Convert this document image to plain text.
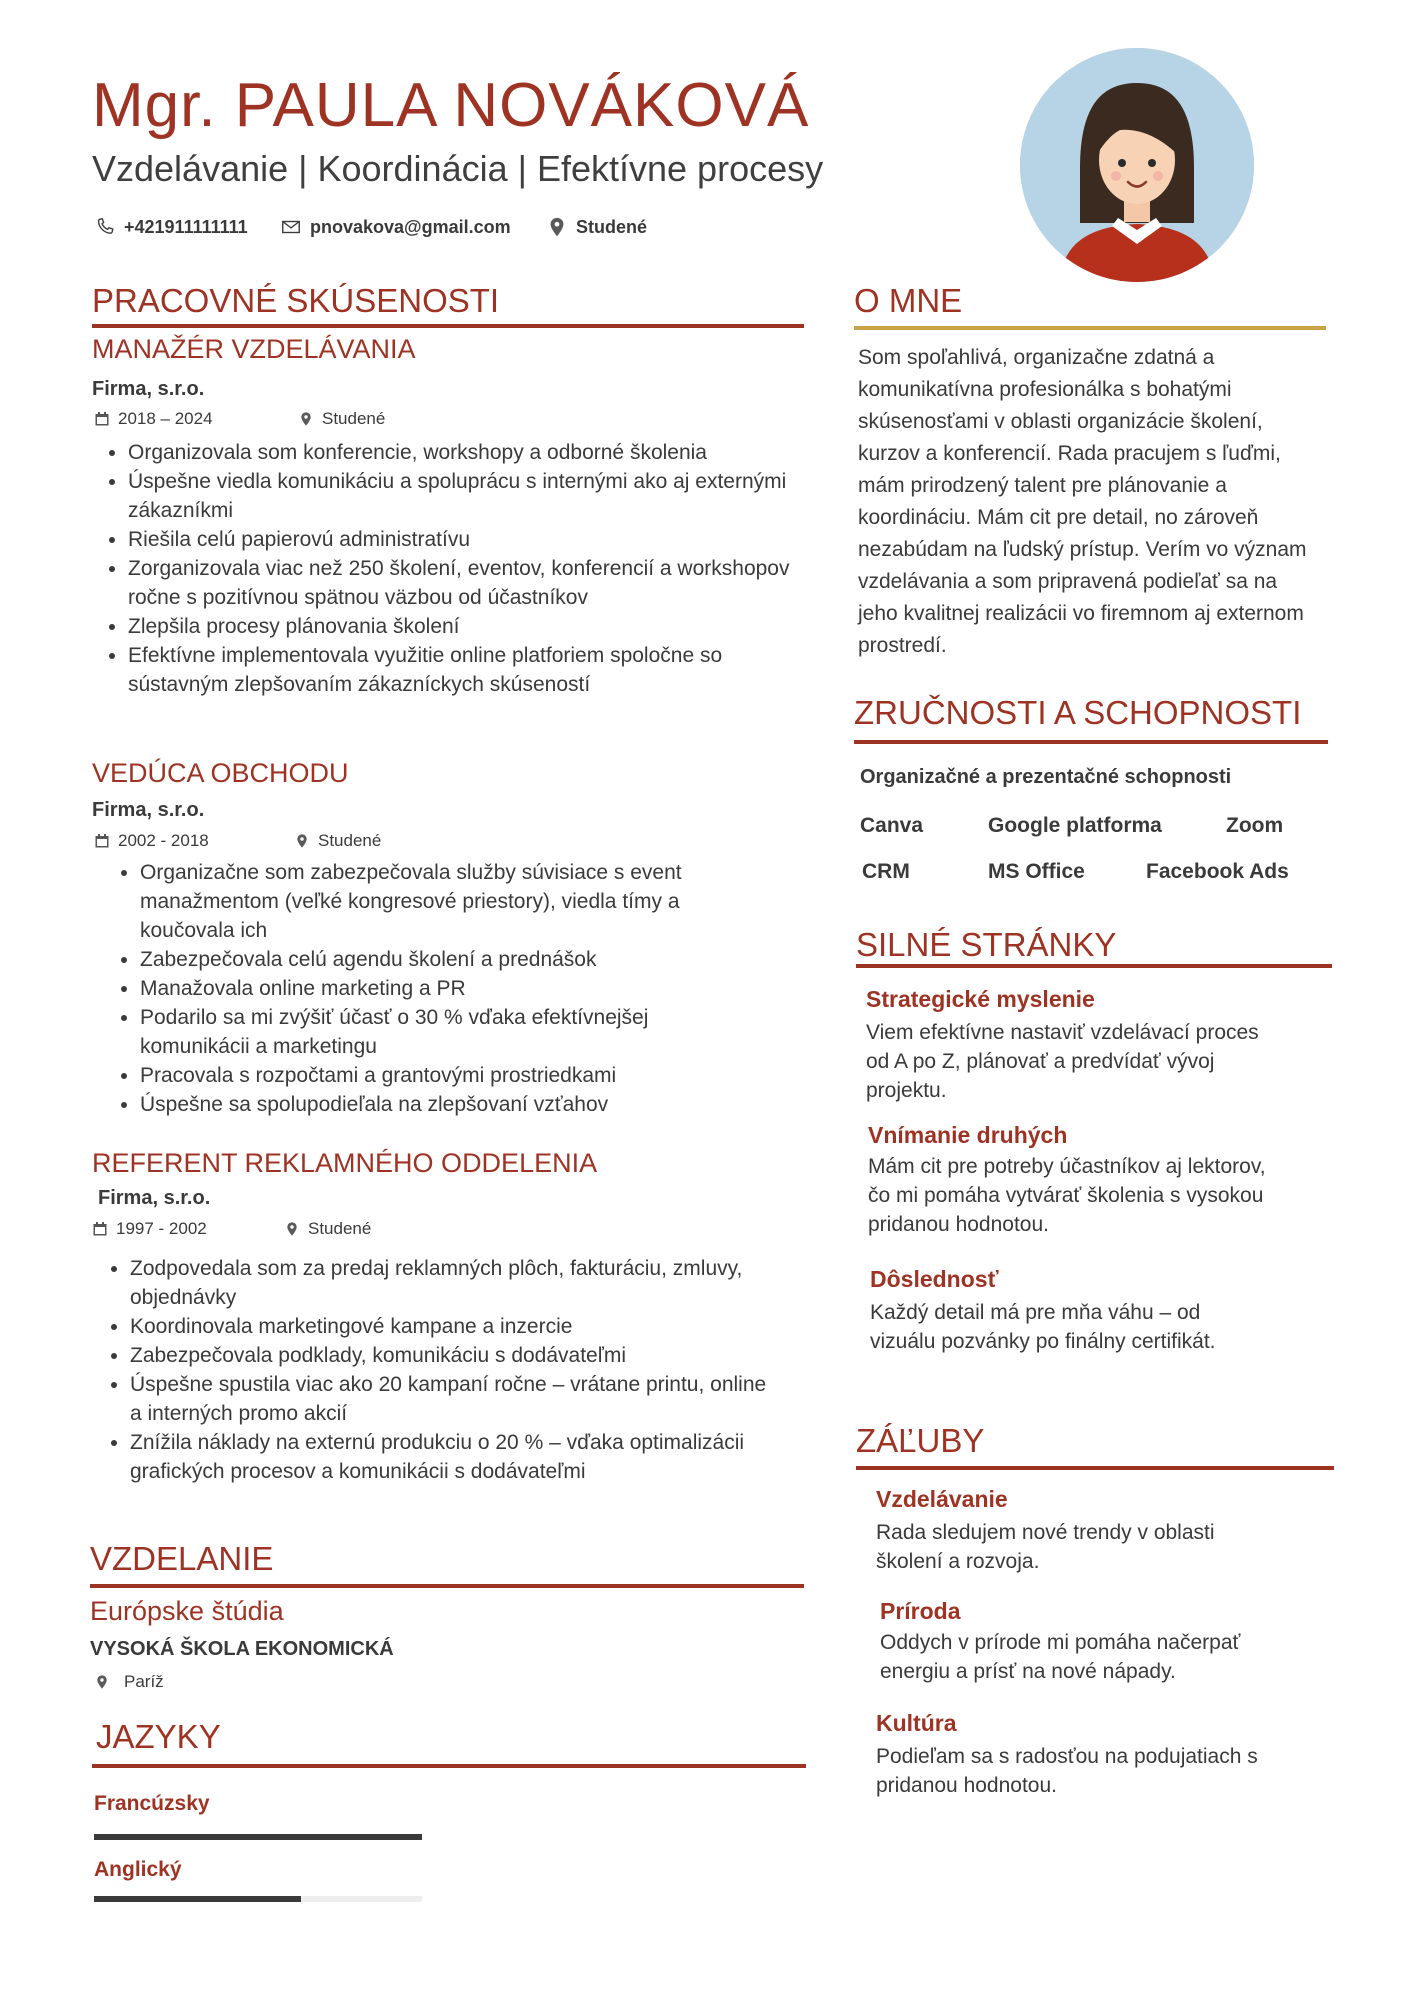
Mgr. PAULA NOVÁKOVÁ
Vzdelávanie | Koordinácia | Efektívne procesy
+421911111111	pnovakova@gmail.com	Studené
PRACOVNÉ SKÚSENOSTI
MANAŽÉR VZDELÁVANIA
Firma, s.r.o.
2018 – 2024	Studené
• Organizovala som konferencie, workshopy a odborné školenia
• Úspešne viedla komunikáciu a spoluprácu s internými ako aj externými zákazníkmi
• Riešila celú papierovú administratívu
• Zorganizovala viac než 250 školení, eventov, konferencií a workshopov ročne s pozitívnou spätnou väzbou od účastníkov
• Zlepšila procesy plánovania školení
• Efektívne implementovala využitie online platforiem spoločne so sústavným zlepšovaním zákazníckych skúseností
VEDÚCA OBCHODU
Firma, s.r.o.
2002 - 2018	Studené
• Organizačne som zabezpečovala služby súvisiace s event manažmentom (veľké kongresové priestory), viedla tímy a koučovala ich
• Zabezpečovala celú agendu školení a prednášok
• Manažovala online marketing a PR
• Podarilo sa mi zvýšiť účasť o 30 % vďaka efektívnejšej komunikácii a marketingu
• Pracovala s rozpočtami a grantovými prostriedkami
• Úspešne sa spolupodieľala na zlepšovaní vzťahov
REFERENT REKLAMNÉHO ODDELENIA
Firma, s.r.o.
1997 - 2002	Studené
• Zodpovedala som za predaj reklamných plôch, fakturáciu, zmluvy, objednávky
• Koordinovala marketingové kampane a inzercie
• Zabezpečovala podklady, komunikáciu s dodávateľmi
• Úspešne spustila viac ako 20 kampaní ročne – vrátane printu, online a interných promo akcií
• Znížila náklady na externú produkciu o 20 % – vďaka optimalizácii grafických procesov a komunikácii s dodávateľmi
VZDELANIE
Európske štúdia
VYSOKÁ ŠKOLA EKONOMICKÁ
Paríž
JAZYKY
Francúzsky
Anglický
O MNE
Som spoľahlivá, organizačne zdatná a komunikatívna profesionálka s bohatými skúsenosťami v oblasti organizácie školení, kurzov a konferencií. Rada pracujem s ľuďmi, mám prirodzený talent pre plánovanie a koordináciu. Mám cit pre detail, no zároveň nezabúdam na ľudský prístup. Verím vo význam vzdelávania a som pripravená podieľať sa na jeho kvalitnej realizácii vo firemnom aj externom prostredí.
ZRUČNOSTI A SCHOPNOSTI
Organizačné a prezentačné schopnosti
Canva	Google platforma	Zoom
CRM	MS Office	Facebook Ads
SILNÉ STRÁNKY
Strategické myslenie
Viem efektívne nastaviť vzdelávací proces od A po Z, plánovať a predvídať vývoj projektu.
Vnímanie druhých
Mám cit pre potreby účastníkov aj lektorov, čo mi pomáha vytvárať školenia s vysokou pridanou hodnotou.
Dôslednosť
Každý detail má pre mňa váhu – od vizuálu pozvánky po finálny certifikát.
ZÁĽUBY
Vzdelávanie
Rada sledujem nové trendy v oblasti školení a rozvoja.
Príroda
Oddych v prírode mi pomáha načerpať energiu a prísť na nové nápady.
Kultúra
Podieľam sa s radosťou na podujatiach s pridanou hodnotou.
